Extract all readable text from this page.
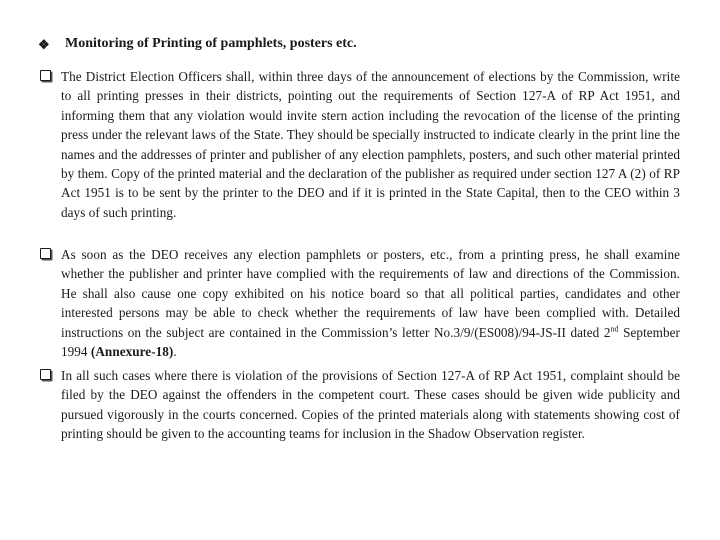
❖ Monitoring of Printing of pamphlets, posters etc.
The District Election Officers shall, within three days of the announcement of elections by the Commission, write to all printing presses in their districts, pointing out the requirements of Section 127-A of RP Act 1951, and informing them that any violation would invite stern action including the revocation of the license of the printing press under the relevant laws of the State. They should be specially instructed to indicate clearly in the print line the names and the addresses of printer and publisher of any election pamphlets, posters, and such other material printed by them. Copy of the printed material and the declaration of the publisher as required under section 127 A (2) of RP Act 1951 is to be sent by the printer to the DEO and if it is printed in the State Capital, then to the CEO within 3 days of such printing.
As soon as the DEO receives any election pamphlets or posters, etc., from a printing press, he shall examine whether the publisher and printer have complied with the requirements of law and directions of the Commission. He shall also cause one copy exhibited on his notice board so that all political parties, candidates and other interested persons may be able to check whether the requirements of law have been complied with. Detailed instructions on the subject are contained in the Commission’s letter No.3/9/(ES008)/94-JS-II dated 2nd September 1994 (Annexure-18).
In all such cases where there is violation of the provisions of Section 127-A of RP Act 1951, complaint should be filed by the DEO against the offenders in the competent court. These cases should be given wide publicity and pursued vigorously in the courts concerned. Copies of the printed materials along with statements showing cost of printing should be given to the accounting teams for inclusion in the Shadow Observation register.
